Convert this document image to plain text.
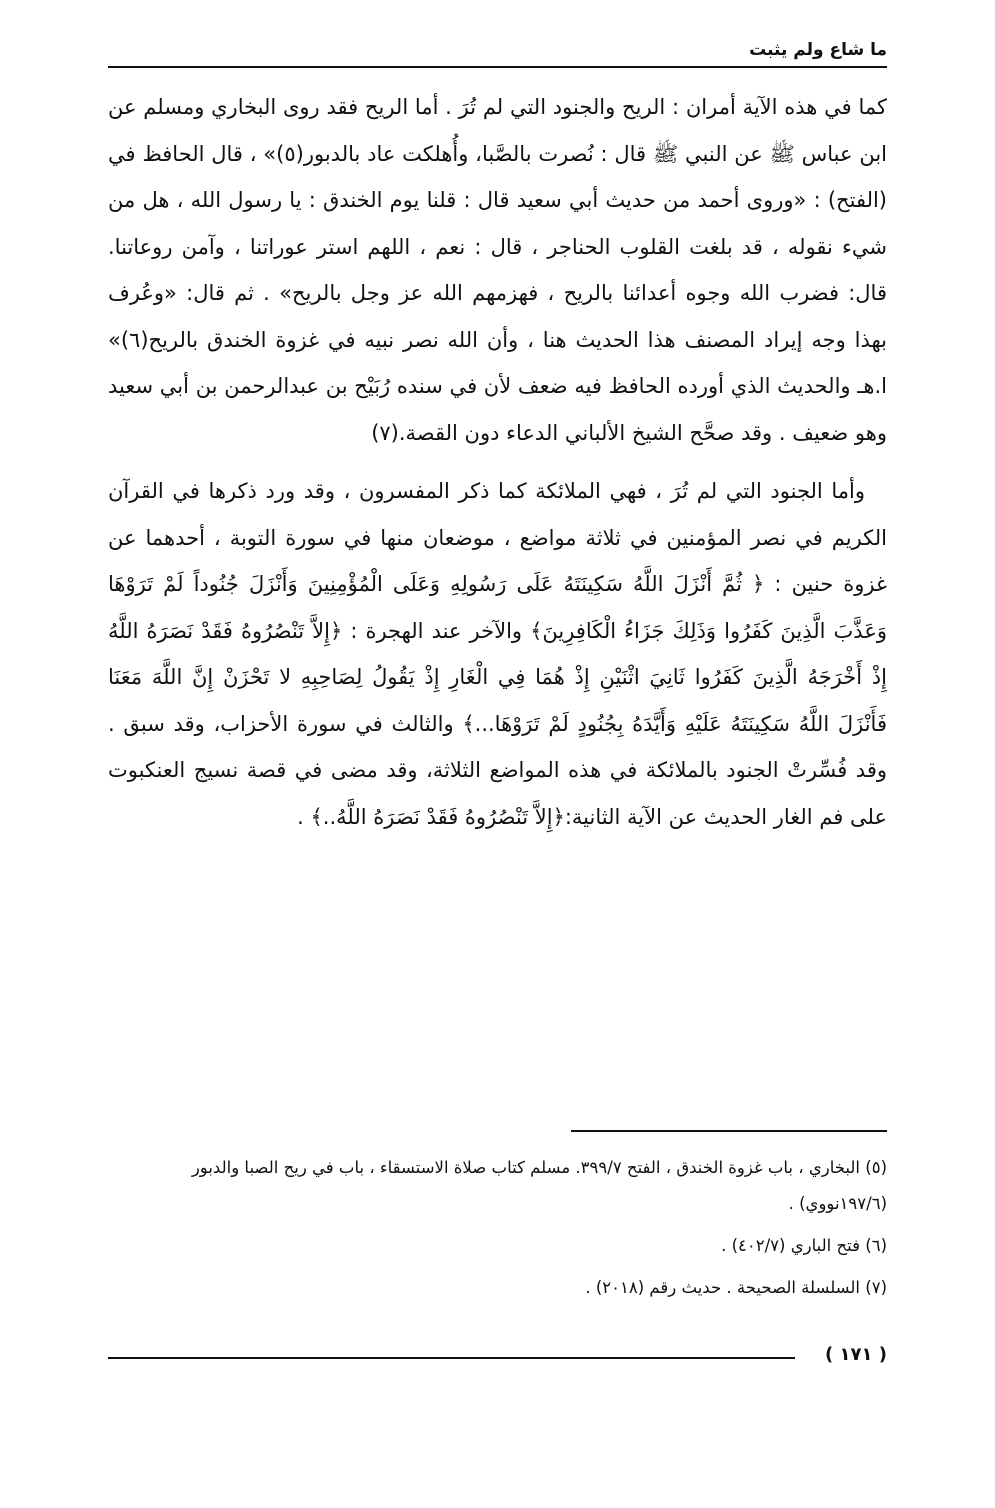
ما شاع ولم يثبت

كما في هذه الآية أمران : الريح والجنود التي لم تُرَ . أما الريح فقد روى البخاري ومسلم عن ابن عباس ﷺ عن النبي ﷺ قال : نُصرت بالصَّبا، وأُهلكت عاد بالدبور(٥)» ، قال الحافظ في (الفتح) : «وروى أحمد من حديث أبي سعيد قال : قلنا يوم الخندق : يا رسول الله ، هل من شيء نقوله ، قد بلغت القلوب الحناجر ، قال : نعم ، اللهم استر عوراتنا ، وآمن روعاتنا. قال: فضرب الله وجوه أعدائنا بالريح ، فهزمهم الله عز وجل بالريح» . ثم قال: «وعُرف بهذا وجه إيراد المصنف هذا الحديث هنا ، وأن الله نصر نبيه في غزوة الخندق بالريح(٦)» ا.هـ والحديث الذي أورده الحافظ فيه ضعف لأن في سنده رُبَيْح بن عبدالرحمن بن أبي سعيد وهو ضعيف . وقد صحَّح الشيخ الألباني الدعاء دون القصة.(٧)

وأما الجنود التي لم تُرَ ، فهي الملائكة كما ذكر المفسرون ، وقد ورد ذكرها في القرآن الكريم في نصر المؤمنين في ثلاثة مواضع ، موضعان منها في سورة التوبة ، أحدهما عن غزوة حنين : ﴿ ثُمَّ أَنْزَلَ اللَّهُ سَكِينَتَهُ عَلَى رَسُولِهِ وَعَلَى الْمُؤْمِنِينَ وَأَنْزَلَ جُنُوداً لَمْ تَرَوْهَا وَعَذَّبَ الَّذِينَ كَفَرُوا وَذَلِكَ جَزَاءُ الْكَافِرِينَ﴾ والآخر عند الهجرة : ﴿إِلاَّ تَنْصُرُوهُ فَقَدْ نَصَرَهُ اللَّهُ إِذْ أَخْرَجَهُ الَّذِينَ كَفَرُوا ثَانِيَ اثْنَيْنِ إِذْ هُمَا فِي الْغَارِ إِذْ يَقُولُ لِصَاحِبِهِ لا تَحْزَنْ إِنَّ اللَّهَ مَعَنَا فَأَنْزَلَ اللَّهُ سَكِينَتَهُ عَلَيْهِ وَأَيَّدَهُ بِجُنُودٍ لَمْ تَرَوْهَا...﴾ والثالث في سورة الأحزاب، وقد سبق . وقد فُسِّرتْ الجنود بالملائكة في هذه المواضع الثلاثة، وقد مضى في قصة نسيج العنكبوت على فم الغار الحديث عن الآية الثانية:﴿إِلاَّ تَنْصُرُوهُ فَقَدْ نَصَرَهُ اللَّهُ..﴾ .

(٥) البخاري ، باب غزوة الخندق ، الفتح ٣٩٩/٧. مسلم كتاب صلاة الاستسقاء ، باب في ريح الصبا والدبور (١٩٧/٦نووي) .

(٦) فتح الباري (٤٠٢/٧) .

(٧) السلسلة الصحيحة . حديث رقم (٢٠١٨) .

( ١٧١ )
